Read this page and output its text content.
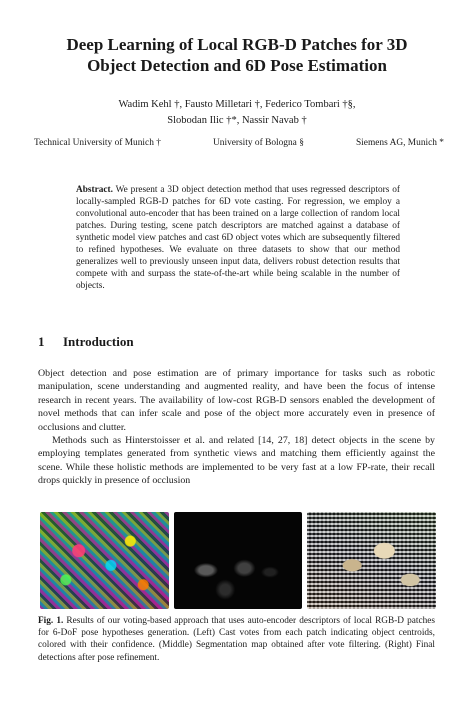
Deep Learning of Local RGB-D Patches for 3D
Object Detection and 6D Pose Estimation
Wadim Kehl †, Fausto Milletari †, Federico Tombari †§,
Slobodan Ilic †*, Nassir Navab †
Technical University of Munich †	University of Bologna §	Siemens AG, Munich *
Abstract. We present a 3D object detection method that uses regressed descriptors of locally-sampled RGB-D patches for 6D vote casting. For regression, we employ a convolutional auto-encoder that has been trained on a large collection of random local patches. During testing, scene patch descriptors are matched against a database of synthetic model view patches and cast 6D object votes which are subsequently filtered to refined hypotheses. We evaluate on three datasets to show that our method generalizes well to previously unseen input data, delivers robust detection results that compete with and surpass the state-of-the-art while being scalable in the number of objects.
1 Introduction

Object detection and pose estimation are of primary importance for tasks such as robotic manipulation, scene understanding and augmented reality, and have been the focus of intense research in recent years. The availability of low-cost RGB-D sensors enabled the development of novel methods that can infer scale and pose of the object more accurately even in presence of occlusions and clutter.

Methods such as Hinterstoisser et al. and related [14, 27, 18] detect objects in the scene by employing templates generated from synthetic views and matching them efficiently against the scene. While these holistic methods are implemented to be very fast at a low FP-rate, their recall drops quickly in presence of occlusion

Fig. 1. Results of our voting-based approach that uses auto-encoder descriptors of local RGB-D patches for 6-DoF pose hypotheses generation. (Left) Cast votes from each patch indicating object centroids, colored with their confidence. (Middle) Segmentation map obtained after vote filtering. (Right) Final detections after pose refinement.
